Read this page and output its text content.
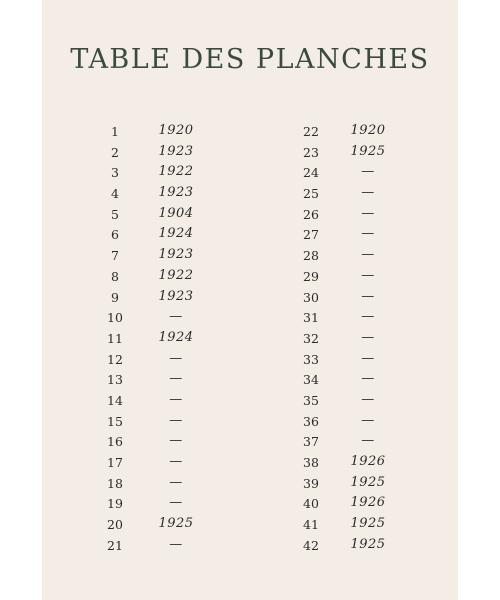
TABLE DES PLANCHES
1	1920
2	1923
3	1922
4	1923
5	1904
6	1924
7	1923
8	1922
9	1923
10	—
11	1924
12	—
13	—
14	—
15	—
16	—
17	—
18	—
19	—
20	1925
21	—
22	1920
23	1925
24	—
25	—
26	—
27	—
28	—
29	—
30	—
31	—
32	—
33	—
34	—
35	—
36	—
37	—
38	1926
39	1925
40	1926
41	1925
42	1925
